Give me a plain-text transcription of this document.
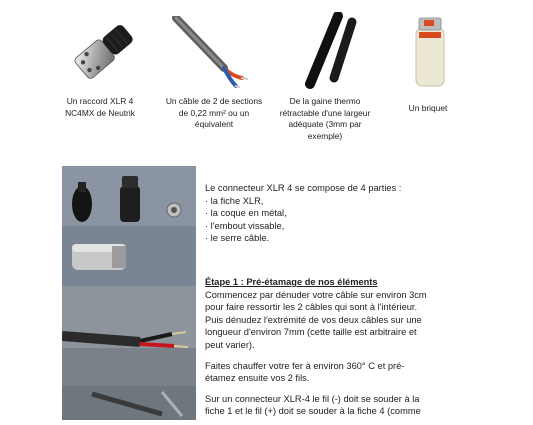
Un raccord XLR 4
NC4MX de Neutrik
Un câble de 2 de sections
de 0,22 mm² ou un
équivalent
De la gaine thermo
rétractable d'une largeur
adéquate (3mm par
exemple)
Un briquet
Le connecteur XLR 4 se compose de 4 parties :
· la fiche XLR,
· la coque en métal,
· l'embout vissable,
· le serre câble.
Étape 1 : Pré-étamage de nos éléments
Commencez par dénuder votre câble sur environ 3cm
pour faire ressortir les 2 câbles qui sont à l'intérieur.
Puis dénudez l'extrémité de vos deux câbles sur une
longueur d'environ 7mm (cette taille est arbitraire et
peut varier).
Faites chauffer votre fer à environ 360° C et pré-
étamez ensuite vos 2 fils.
Sur un connecteur XLR-4 le fil (-) doit se souder à la
fiche 1 et le fil (+) doit se souder à la fiche 4 (comme
